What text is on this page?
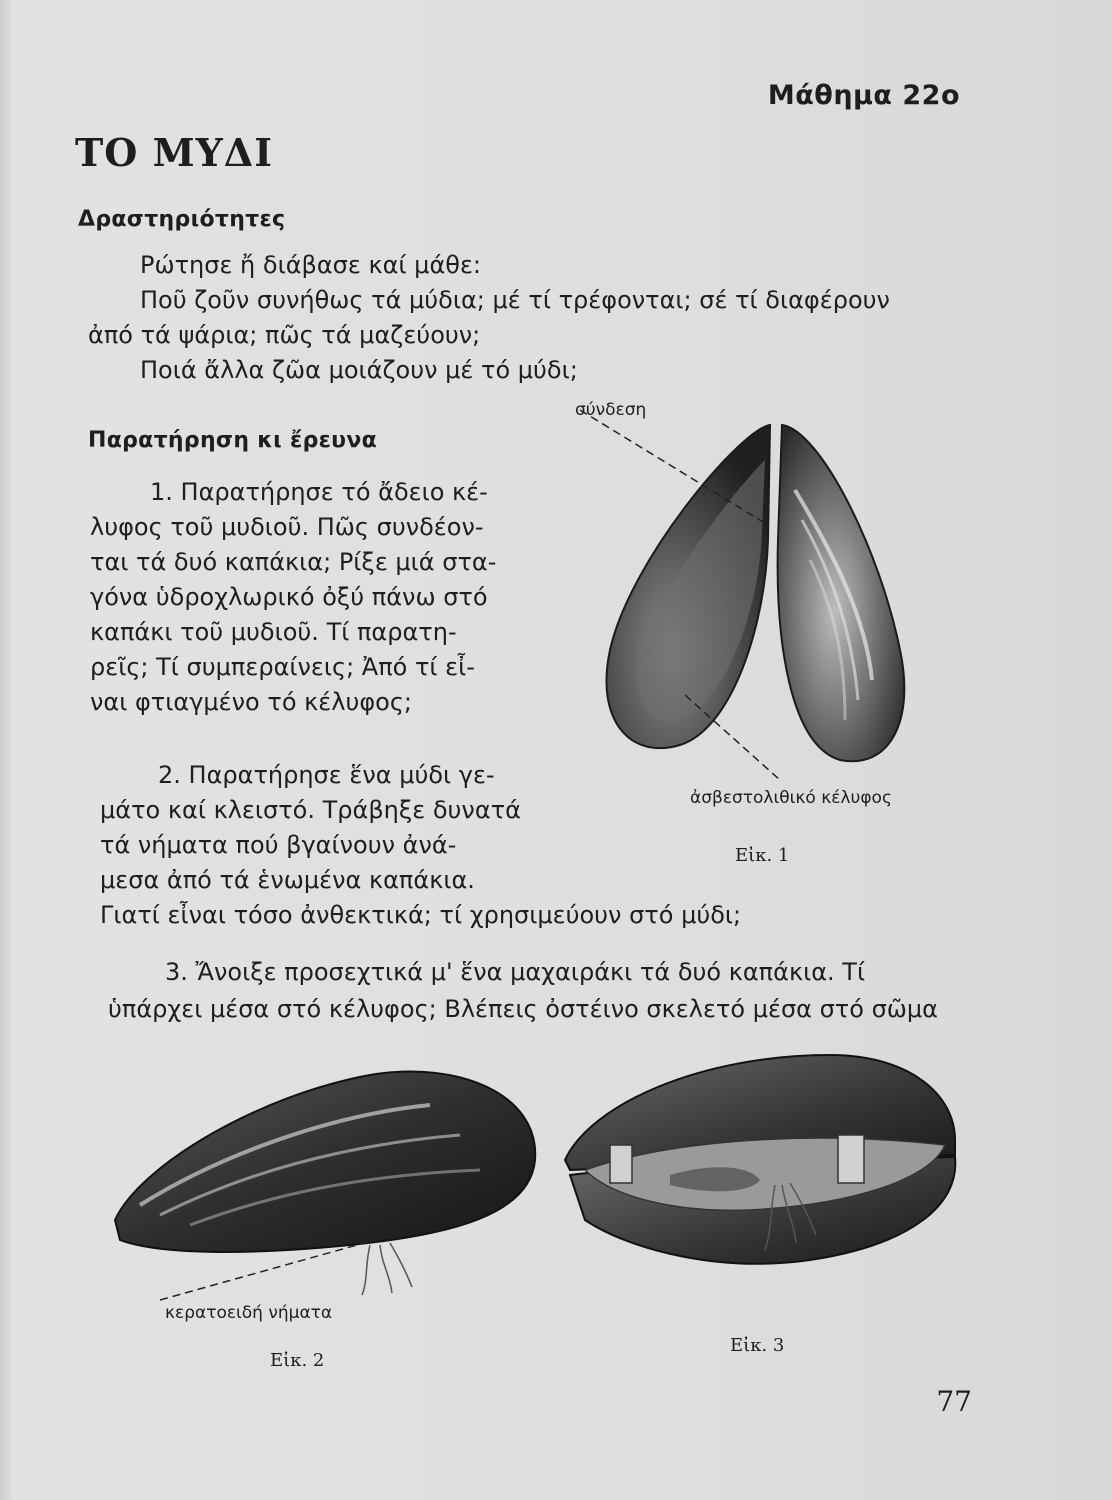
Μάθημα 22ο
ΤΟ ΜΥΔΙ
Δραστηριότητες
Ρώτησε ἤ διάβασε καί μάθε:
Ποῦ ζοῦν συνήθως τά μύδια; μέ τί τρέφονται; σέ τί διαφέρουν
ἀπό τά ψάρια; πῶς τά μαζεύουν;
Ποιά ἄλλα ζῶα μοιάζουν μέ τό μύδι;
Παρατήρηση κι ἔρευνα
1. Παρατήρησε τό ἄδειο κέ-
λυφος τοῦ μυδιοῦ. Πῶς συνδέον-
ται τά δυό καπάκια; Ρίξε μιά στα-
γόνα ὑδροχλωρικό ὀξύ πάνω στό
καπάκι τοῦ μυδιοῦ. Τί παρατη-
ρεῖς; Τί συμπεραίνεις; Ἀπό τί εἶ-
ναι φτιαγμένο τό κέλυφος;
2. Παρατήρησε ἕνα μύδι γε-
μάτο καί κλειστό. Τράβηξε δυνατά
τά νήματα πού βγαίνουν ἀνά-
μεσα ἀπό τά ἑνωμένα καπάκια.
Γιατί εἶναι τόσο ἀνθεκτικά; τί χρησιμεύουν στό μύδι;
3. Ἄνοιξε προσεχτικά μ' ἕνα μαχαιράκι τά δυό καπάκια. Τί
ὑπάρχει μέσα στό κέλυφος; Βλέπεις ὀστέινο σκελετό μέσα στό σῶμα
σύνδεση
ἀσβεστολιθικό κέλυφος
Εἰκ. 1
κερατοειδή νήματα
Εἰκ. 2
Εἰκ. 3
77
